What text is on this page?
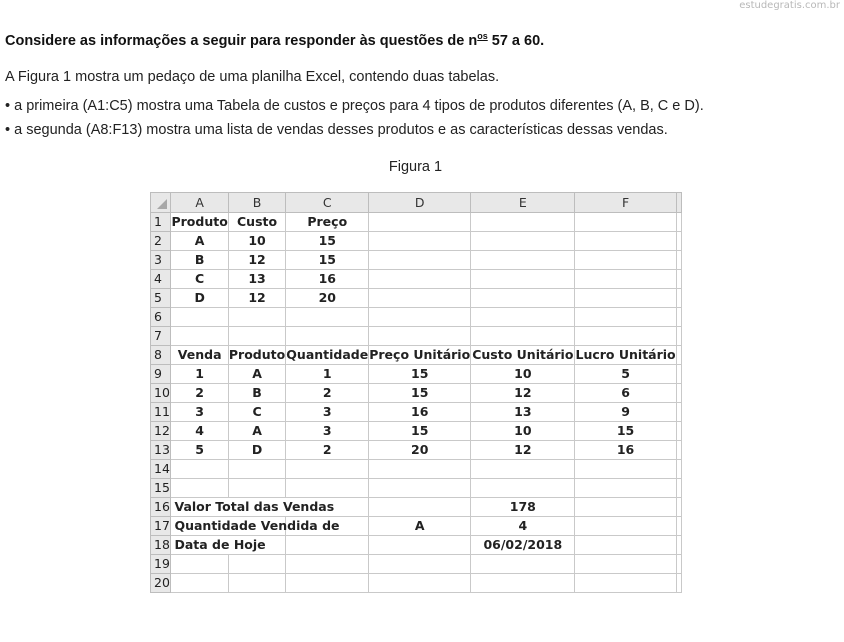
estudegratis.com.br
Considere as informações a seguir para responder às questões de $n^{os}$ 57 a 60.
A Figura 1 mostra um pedaço de uma planilha Excel, contendo duas tabelas.
• a primeira (A1:C5) mostra uma Tabela de custos e preços para 4 tipos de produtos diferentes (A, B, C e D).
• a segunda (A8:F13) mostra uma lista de vendas desses produtos e as características dessas vendas.
Figura 1
	A	B	C	D	E	F	
1	Produto	Custo	Preço				
2	A	10	15				
3	B	12	15				
4	C	13	16				
5	D	12	20				
6							
7							
8	Venda	Produto	Quantidade	Preço Unitário	Custo Unitário	Lucro Unitário	
9	1	A	1	15	10	5	
10	2	B	2	15	12	6	
11	3	C	3	16	13	9	
12	4	A	3	15	10	15	
13	5	D	2	20	12	16	
14							
15							
16	Valor Total das Vendas				178		
17	Quantidade Vendida de			A	4		
18	Data de Hoje				06/02/2018		
19							
20							
